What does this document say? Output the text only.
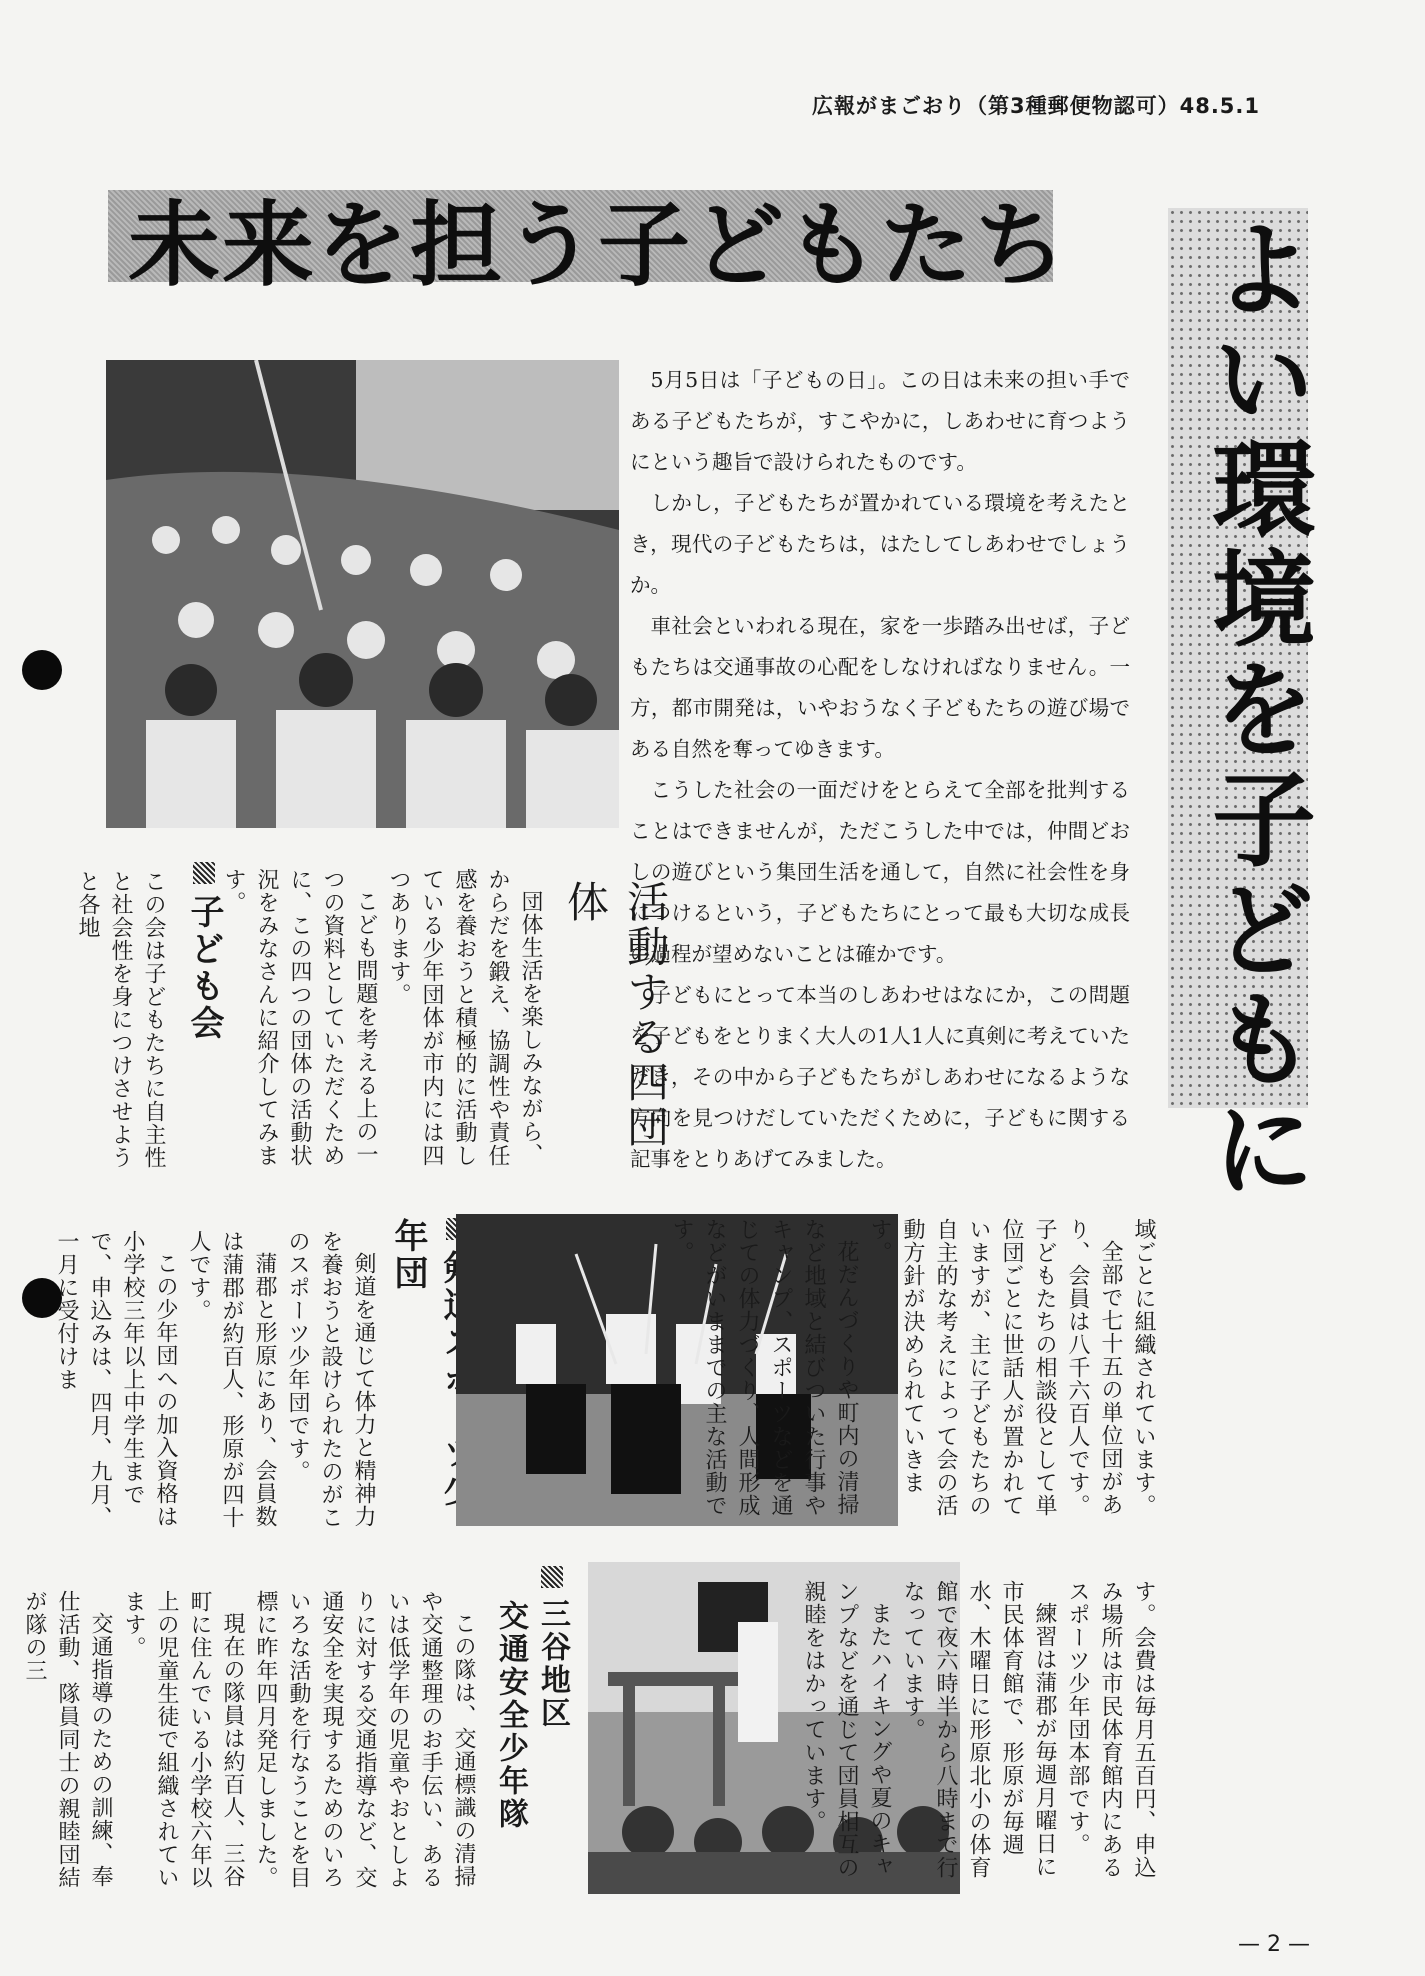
広報がまごおり（第3種郵便物認可）48.5.1
未来を担う子どもたち よい環境を子どもに

5月5日は「子どもの日」。この日は未来の担い手である子どもたちが，すこやかに，しあわせに育つようにという趣旨で設けられたものです。

しかし，子どもたちが置かれている環境を考えたとき，現代の子どもたちは，はたしてしあわせでしょうか。

車社会といわれる現在，家を一歩踏み出せば，子どもたちは交通事故の心配をしなければなりません。一方，都市開発は，いやおうなく子どもたちの遊び場である自然を奪ってゆきます。

こうした社会の一面だけをとらえて全部を批判することはできませんが，ただこうした中では，仲間どおしの遊びという集団生活を通して，自然に社会性を身につけるという，子どもたちにとって最も大切な成長の過程が望めないことは確かです。

子どもにとって本当のしあわせはなにか，この問題を子どもをとりまく大人の1人1人に真剣に考えていただき，その中から子どもたちがしあわせになるような方向を見つけだしていただくために，子どもに関する記事をとりあげてみました。

活動する四団体

団体生活を楽しみながら、からだを鍛え、協調性や責任感を養おうと積極的に活動している少年団体が市内には四つあります。

こども問題を考える上の一つの資料としていただくために、この四つの団体の活動状況をみなさんに紹介してみます。

子ども会
この会は子どもたちに自主性と社会性を身につけさせようと各地
年団

剣道を通じて体力と精神力を養おうと設けられたのがこのスポーツ少年団です。

蒲郡と形原にあり、会員数は蒲郡が約百人、形原が四十人です。

この少年団への加入資格は小学校三年以上中学生までで、申込みは、四月、九月、一月に受付けま	域ごとに組織されています。

全部で七十五の単位団があり、会員は八千六百人です。子どもたちの相談役として単位団ごとに世話人が置かれていますが、主に子どもたちの自主的な考えによって会の活動方針が決められていきます。

花だんづくりや町内の清掃など地域と結びついた行事やキャンプ、スポーツなどを通じての体力づくり、人間形成などがいままでの主な活動です。

三谷地区
交通安全少年隊

この隊は、交通標識の清掃や交通整理のお手伝い、あるいは低学年の児童やおとしよりに対する交通指導など、交通安全を実現するためのいろいろな活動を行なうことを目標に昨年四月発足しました。

現在の隊員は約百人、三谷町に住んでいる小学校六年以上の児童生徒で組織されています。

交通指導のための訓練、奉仕活動、隊員同士の親睦団結が隊の三	す。会費は毎月五百円、申込み場所は市民体育館内にあるスポーツ少年団本部です。

練習は蒲郡が毎週月曜日に市民体育館で、形原が毎週水、木曜日に形原北小の体育館で夜六時半から八時まで行なっています。

またハイキングや夏のキャンプなどを通じて団員相互の親睦をはかっています。

— 2 —
